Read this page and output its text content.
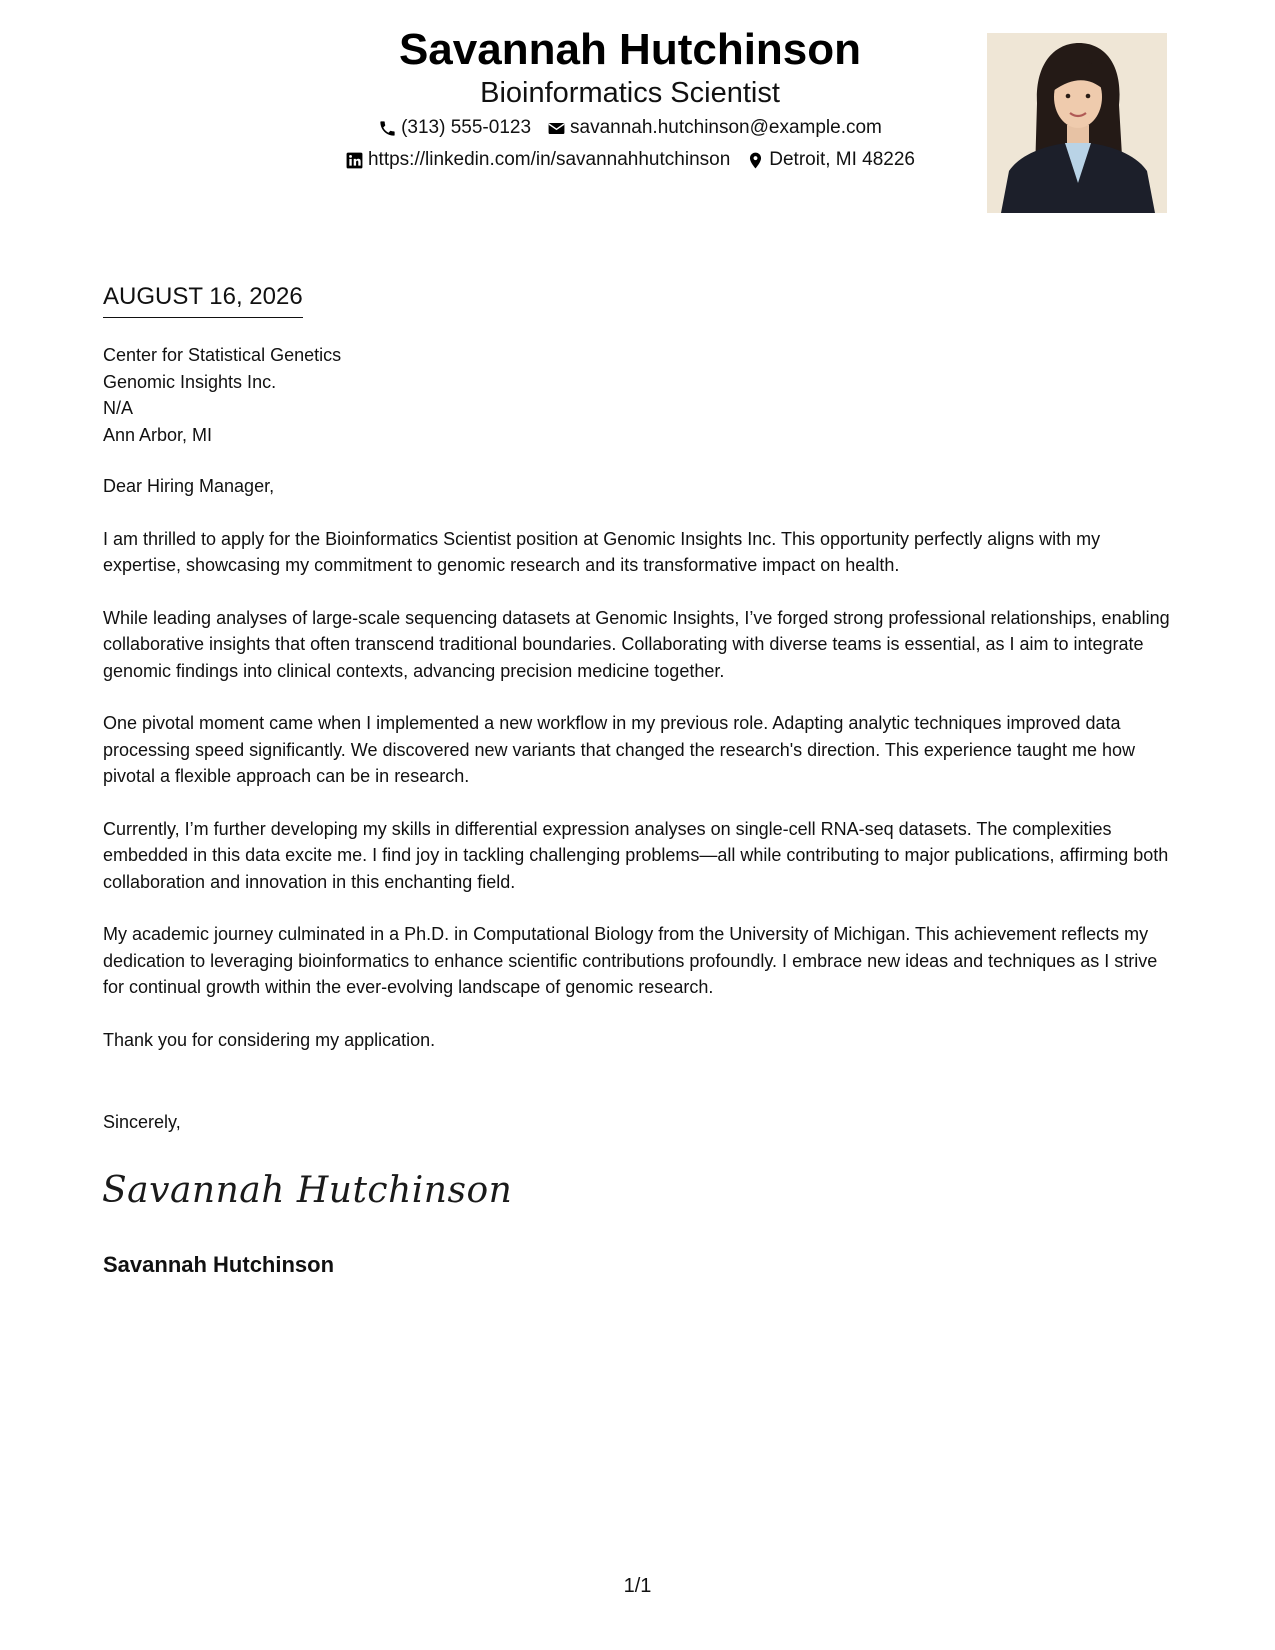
Savannah Hutchinson
Bioinformatics Scientist
(313) 555-0123 savannah.hutchinson@example.com
https://linkedin.com/in/savannahhutchinson Detroit, MI 48226
AUGUST 16, 2026
Center for Statistical Genetics
Genomic Insights Inc.
N/A
Ann Arbor, MI

Dear Hiring Manager,

I am thrilled to apply for the Bioinformatics Scientist position at Genomic Insights Inc. This opportunity perfectly aligns with my expertise, showcasing my commitment to genomic research and its transformative impact on health.

While leading analyses of large-scale sequencing datasets at Genomic Insights, I’ve forged strong professional relationships, enabling collaborative insights that often transcend traditional boundaries. Collaborating with diverse teams is essential, as I aim to integrate genomic findings into clinical contexts, advancing precision medicine together.

One pivotal moment came when I implemented a new workflow in my previous role. Adapting analytic techniques improved data processing speed significantly. We discovered new variants that changed the research's direction. This experience taught me how pivotal a flexible approach can be in research.

Currently, I’m further developing my skills in differential expression analyses on single-cell RNA-seq datasets. The complexities embedded in this data excite me. I find joy in tackling challenging problems—all while contributing to major publications, affirming both collaboration and innovation in this enchanting field.

My academic journey culminated in a Ph.D. in Computational Biology from the University of Michigan. This achievement reflects my dedication to leveraging bioinformatics to enhance scientific contributions profoundly. I embrace new ideas and techniques as I strive for continual growth within the ever-evolving landscape of genomic research.

Thank you for considering my application.

Sincerely,
Savannah Hutchinson
Savannah Hutchinson
1/1
